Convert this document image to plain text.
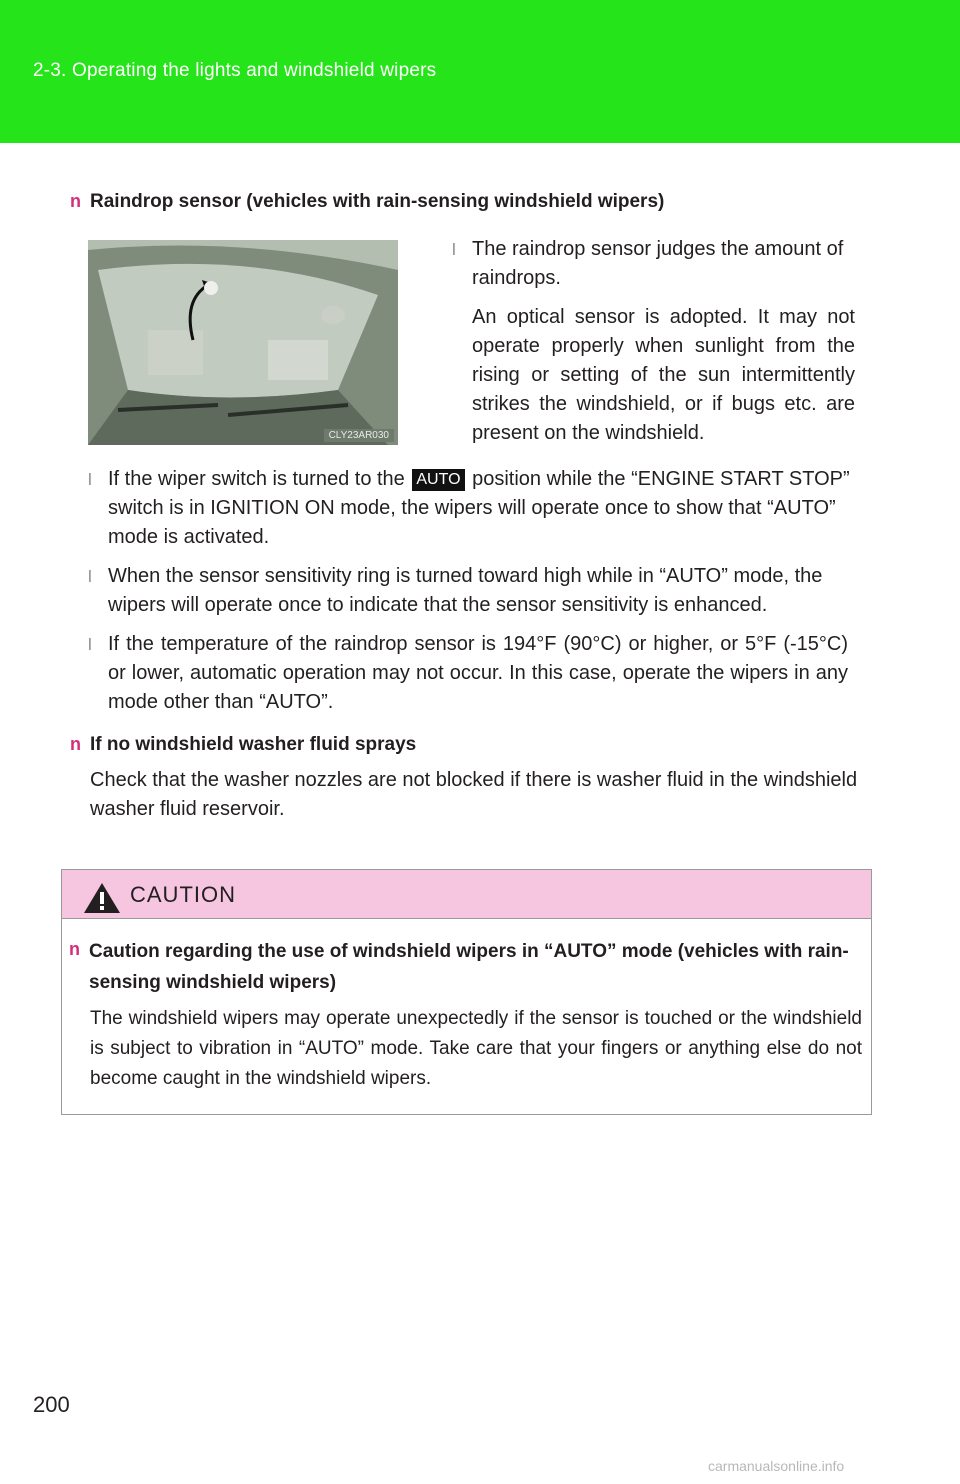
2-3. Operating the lights and windshield wipers
n Raindrop sensor (vehicles with rain-sensing windshield wipers)
CLY23AR030
l The raindrop sensor judges the amount of raindrops.
An optical sensor is adopted. It may not operate properly when sunlight from the rising or setting of the sun intermittently strikes the windshield, or if bugs etc. are present on the windshield.
l If the wiper switch is turned to the AUTO position while the “ENGINE START STOP” switch is in IGNITION ON mode, the wipers will operate once to show that “AUTO” mode is activated.
l When the sensor sensitivity ring is turned toward high while in “AUTO” mode, the wipers will operate once to indicate that the sensor sensitivity is enhanced.
l If the temperature of the raindrop sensor is 194°F (90°C) or higher, or 5°F (-15°C) or lower, automatic operation may not occur. In this case, operate the wipers in any mode other than “AUTO”.
n If no windshield washer fluid sprays
Check that the washer nozzles are not blocked if there is washer fluid in the windshield washer fluid reservoir.
CAUTION
n Caution regarding the use of windshield wipers in “AUTO” mode (vehicles with rain-sensing windshield wipers)
The windshield wipers may operate unexpectedly if the sensor is touched or the windshield is subject to vibration in “AUTO” mode. Take care that your fingers or anything else do not become caught in the windshield wipers.
200
carmanualsonline.info
